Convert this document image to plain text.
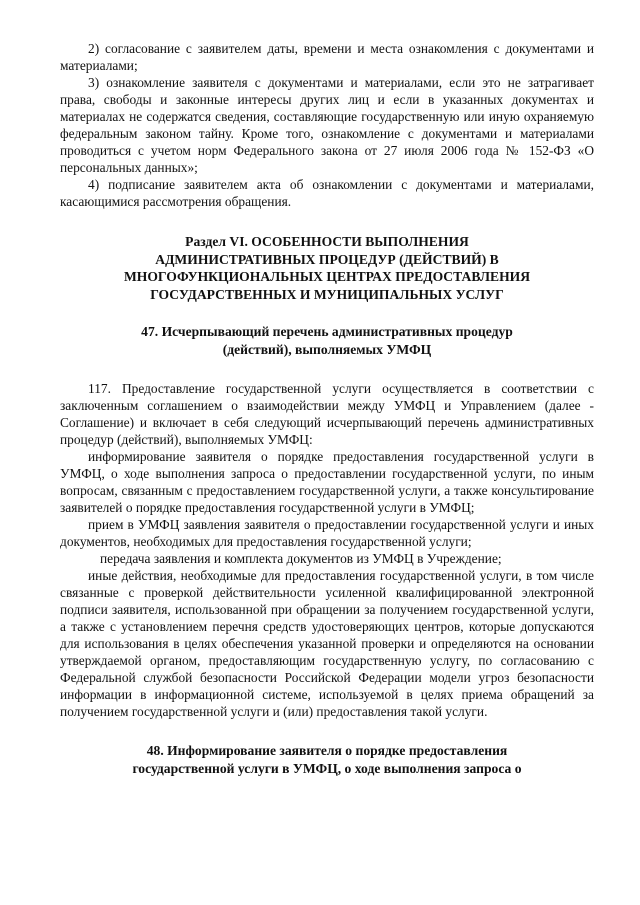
2) согласование с заявителем даты, времени и места ознакомления с документами и материалами;

3) ознакомление заявителя с документами и материалами, если это не затрагивает права, свободы и законные интересы других лиц и если в указанных документах и материалах не содержатся сведения, составляющие государственную или иную охраняемую федеральным законом тайну. Кроме того, ознакомление с документами и материалами проводиться с учетом норм Федерального закона от 27 июля 2006 года № 152-ФЗ «О персональных данных»;

4) подписание заявителем акта об ознакомлении с документами и материалами, касающимися рассмотрения обращения.

Раздел VI. ОСОБЕННОСТИ ВЫПОЛНЕНИЯ
АДМИНИСТРАТИВНЫХ ПРОЦЕДУР (ДЕЙСТВИЙ) В
МНОГОФУНКЦИОНАЛЬНЫХ ЦЕНТРАХ ПРЕДОСТАВЛЕНИЯ
ГОСУДАРСТВЕННЫХ И МУНИЦИПАЛЬНЫХ УСЛУГ
47. Исчерпывающий перечень административных процедур
(действий), выполняемых УМФЦ

117. Предоставление государственной услуги осуществляется в соответствии с заключенным соглашением о взаимодействии между УМФЦ и Управлением (далее - Соглашение) и включает в себя следующий исчерпывающий перечень административных процедур (действий), выполняемых УМФЦ:

информирование заявителя о порядке предоставления государственной услуги в УМФЦ, о ходе выполнения запроса о предоставлении государственной услуги, по иным вопросам, связанным с предоставлением государственной услуги, а также консультирование заявителей о порядке предоставления государственной услуги в УМФЦ;

прием в УМФЦ заявления заявителя о предоставлении государственной услуги и иных документов, необходимых для предоставления государственной услуги;

передача заявления и комплекта документов из УМФЦ в Учреждение;

иные действия, необходимые для предоставления государственной услуги, в том числе связанные с проверкой действительности усиленной квалифицированной электронной подписи заявителя, использованной при обращении за получением государственной услуги, а также с установлением перечня средств удостоверяющих центров, которые допускаются для использования в целях обеспечения указанной проверки и определяются на основании утверждаемой органом, предоставляющим государственную услугу, по согласованию с Федеральной службой безопасности Российской Федерации модели угроз безопасности информации в информационной системе, используемой в целях приема обращений за получением государственной услуги и (или) предоставления такой услуги.

48. Информирование заявителя о порядке предоставления
государственной услуги в УМФЦ, о ходе выполнения запроса о
